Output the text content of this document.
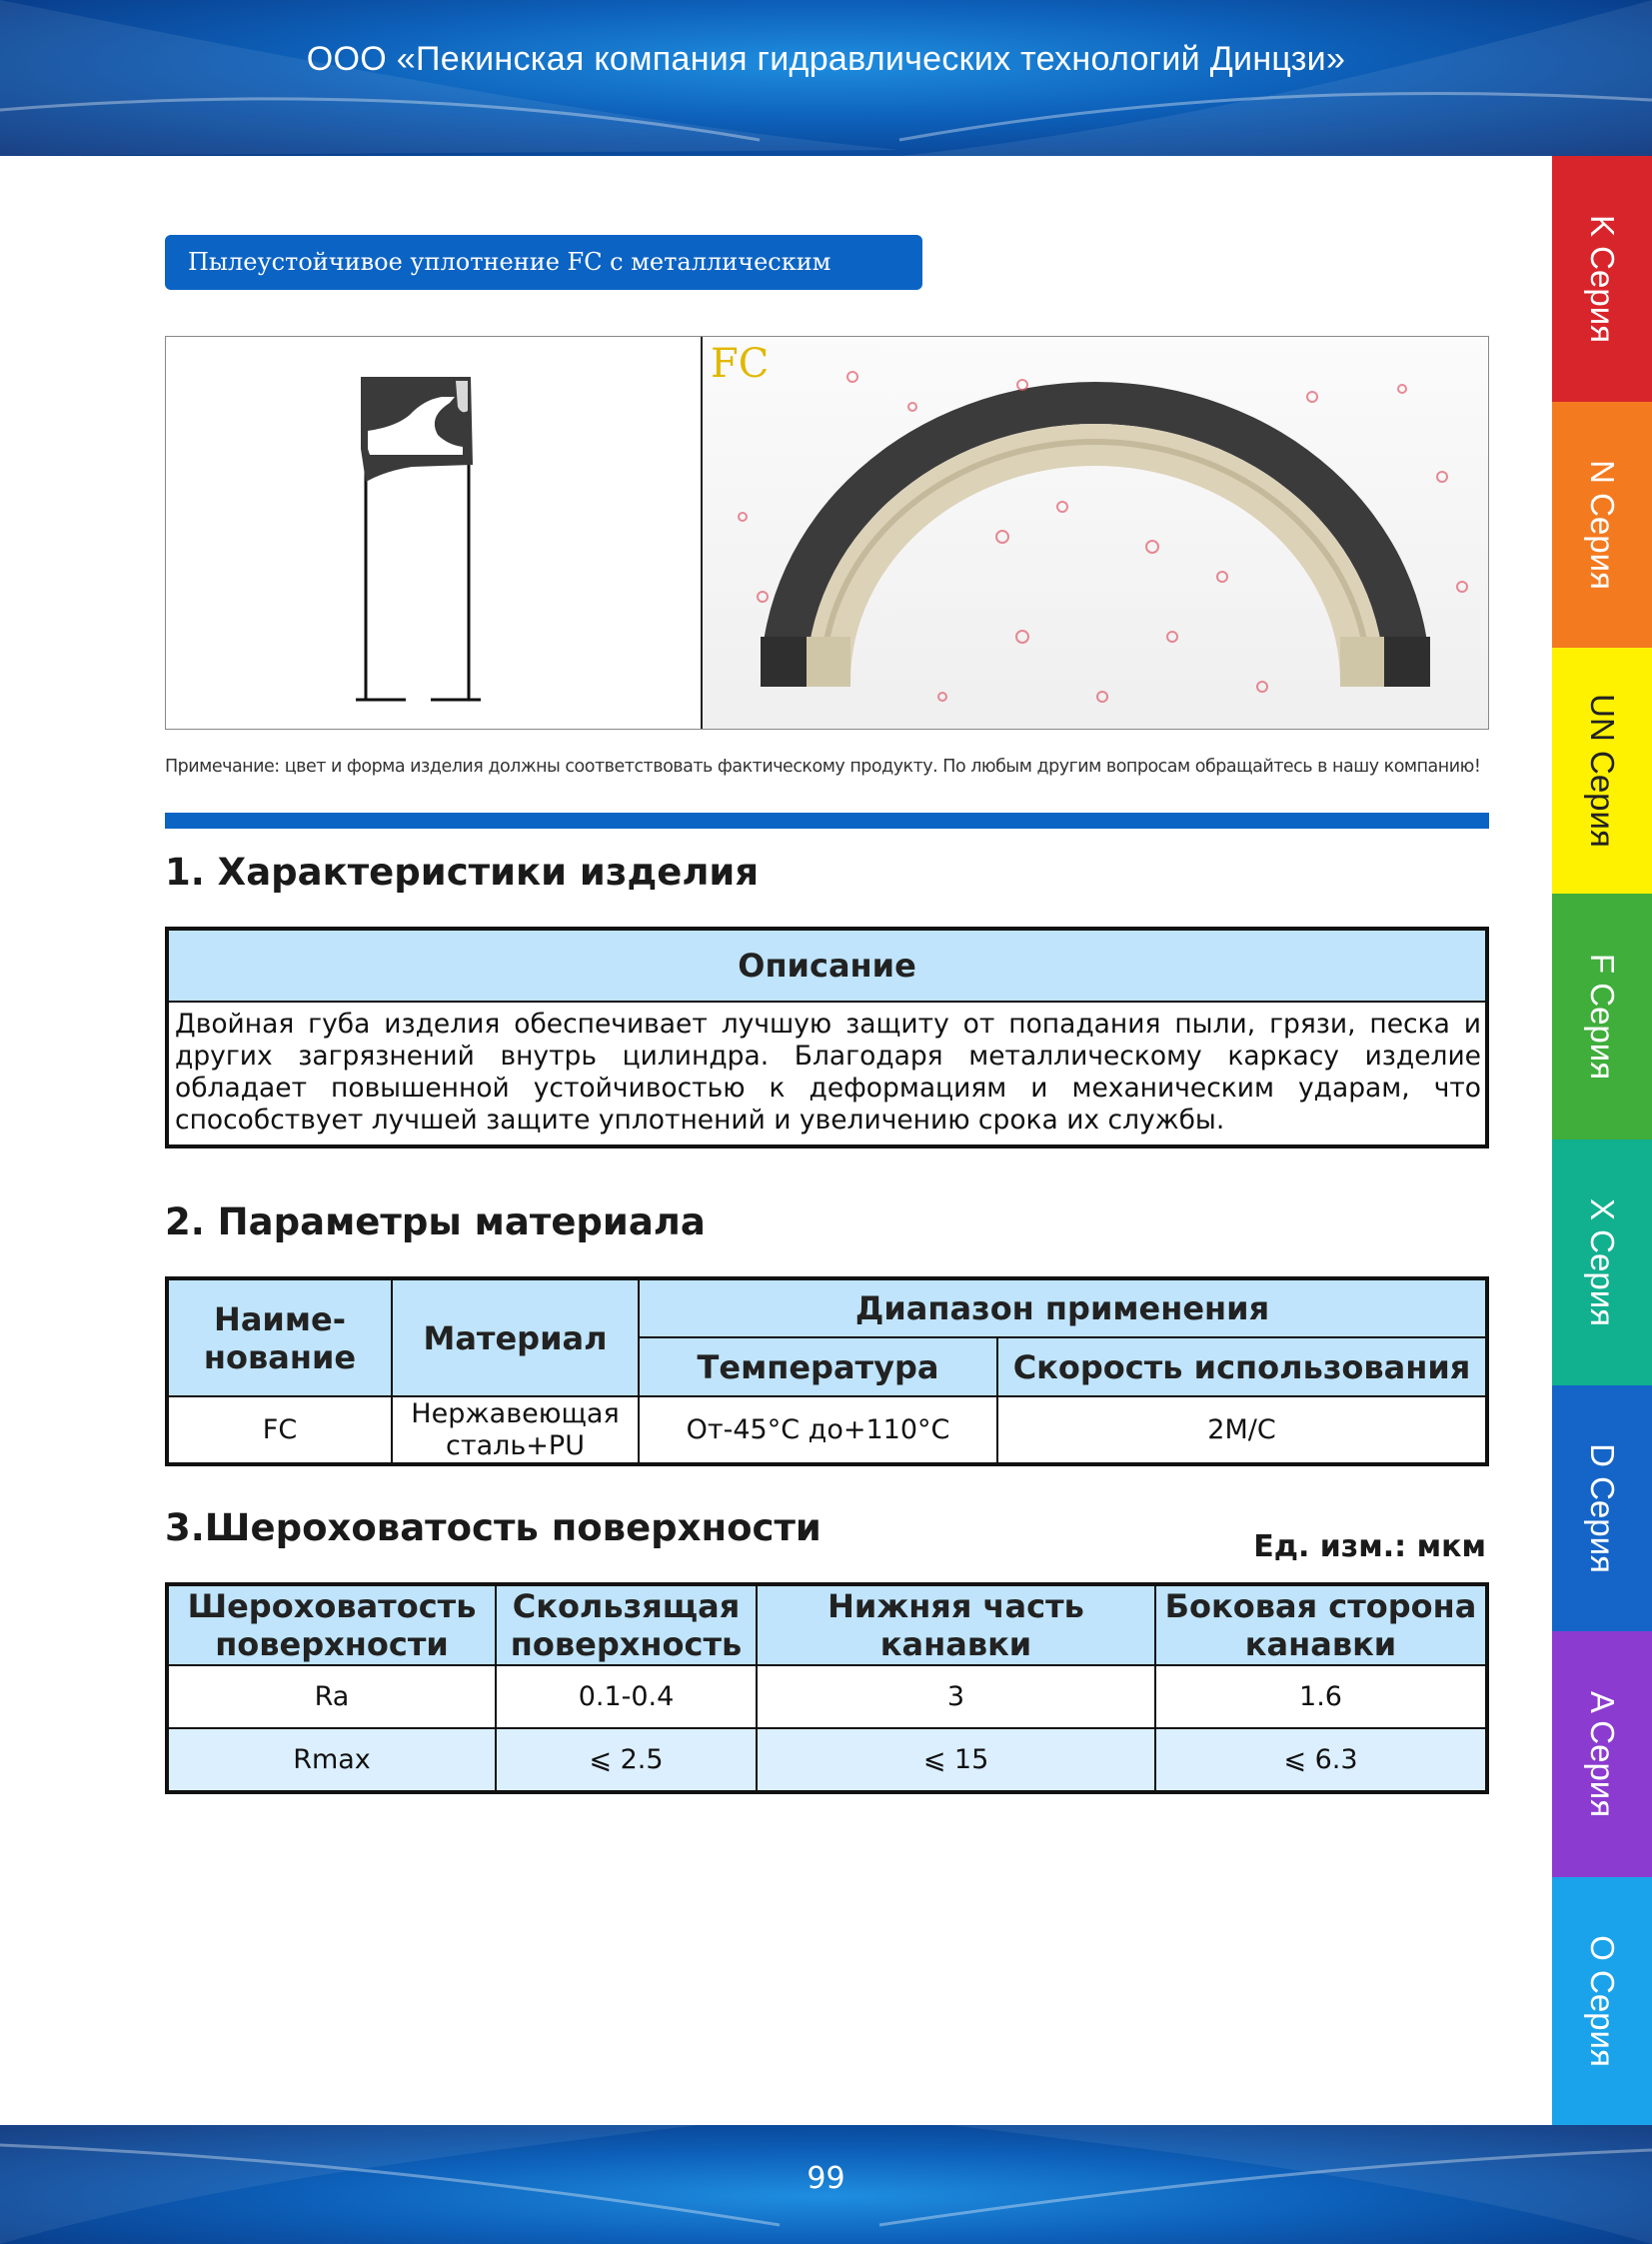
ООО «Пекинская компания гидравлических технологий Динцзи»
K Серия
N Серия
UN Серия
F Серия
X Серия
D Серия
A Серия
O Серия
Пылеустойчивое уплотнение FC с металлическим каркасом
FC
Примечание: цвет и форма изделия должны соответствовать фактическому продукту. По любым другим вопросам обращайтесь в нашу компанию!
1. Характеристики изделия
Описание
Двойная губа изделия обеспечивает лучшую защиту от попадания пыли, грязи, песка и других загрязнений внутрь цилиндра. Благодаря металлическому каркасу изделие обладает повышенной устойчивостью к деформациям и механическим ударам, что способствует лучшей защите уплотнений и увеличению срока их службы.
2. Параметры материала
Наиме-нование	Материал	Диапазон применения	
		Температура	Скорость использования
FC	Нержавеющая сталь+PU	От-45°C до+110°C	2M/C
3.Шероховатость поверхности	Ед. изм.: мкм
Шероховатость поверхности	Скользящая поверхность	Нижняя часть канавки	Боковая сторона канавки
Ra	0.1-0.4	3	1.6
Rmax	⩽ 2.5	⩽ 15	⩽ 6.3
99
